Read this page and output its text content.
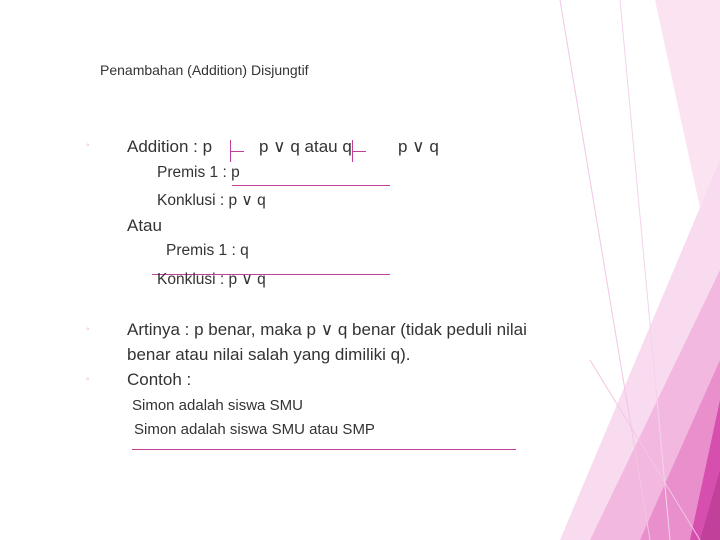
Penambahan (Addition) Disjungtif
◦ Addition : p	p ∨ q atau q	p ∨ q
Premis 1 : p
Konklusi : p ∨ q
Atau
Premis 1 : q
Konklusi : p ∨ q
◦ Artinya : p benar, maka p ∨ q benar (tidak peduli nilai
benar atau nilai salah yang dimiliki q).
◦ Contoh :
Simon adalah siswa SMU
Simon adalah siswa SMU atau SMP
